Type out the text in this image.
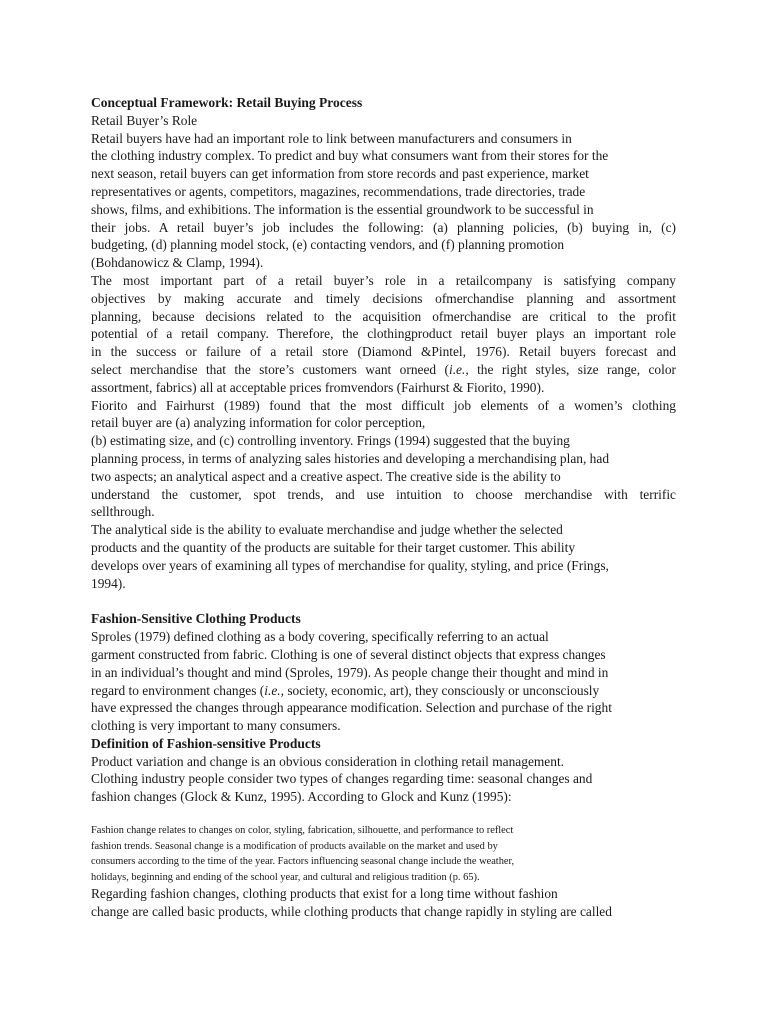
Conceptual Framework: Retail Buying Process

Retail Buyer’s Role

Retail buyers have had an important role to link between manufacturers and consumers in
the clothing industry complex. To predict and buy what consumers want from their stores for the
next season, retail buyers can get information from store records and past experience, market
representatives or agents, competitors, magazines, recommendations, trade directories, trade
shows, films, and exhibitions. The information is the essential groundwork to be successful in
their jobs. A retail buyer’s job includes the following: (a) planning policies, (b) buying in, (c)
budgeting, (d) planning model stock, (e) contacting vendors, and (f) planning promotion
(Bohdanowicz & Clamp, 1994).

The most important part of a retail buyer’s role in a retailcompany is satisfying company
objectives by making accurate and timely decisions ofmerchandise planning and assortment
planning, because decisions related to the acquisition ofmerchandise are critical to the profit
potential of a retail company. Therefore, the clothingproduct retail buyer plays an important role
in the success or failure of a retail store (Diamond &Pintel, 1976). Retail buyers forecast and
select merchandise that the store’s customers want orneed (i.e., the right styles, size range, color
assortment, fabrics) all at acceptable prices fromvendors (Fairhurst & Fiorito, 1990).

Fiorito and Fairhurst (1989) found that the most difficult job elements of a women’s clothing
retail buyer are (a) analyzing information for color perception,
(b) estimating size, and (c) controlling inventory. Frings (1994) suggested that the buying
planning process, in terms of analyzing sales histories and developing a merchandising plan, had
two aspects; an analytical aspect and a creative aspect. The creative side is the ability to
understand the customer, spot trends, and use intuition to choose merchandise with terrific
sellthrough.

The analytical side is the ability to evaluate merchandise and judge whether the selected
products and the quantity of the products are suitable for their target customer. This ability
develops over years of examining all types of merchandise for quality, styling, and price (Frings,
1994).

Fashion-Sensitive Clothing Products

Sproles (1979) defined clothing as a body covering, specifically referring to an actual
garment constructed from fabric. Clothing is one of several distinct objects that express changes
in an individual’s thought and mind (Sproles, 1979). As people change their thought and mind in
regard to environment changes (i.e., society, economic, art), they consciously or unconsciously
have expressed the changes through appearance modification. Selection and purchase of the right
clothing is very important to many consumers.

Definition of Fashion-sensitive Products

Product variation and change is an obvious consideration in clothing retail management.
Clothing industry people consider two types of changes regarding time: seasonal changes and
fashion changes (Glock & Kunz, 1995). According to Glock and Kunz (1995):

Fashion change relates to changes on color, styling, fabrication, silhouette, and performance to reflect
fashion trends. Seasonal change is a modification of products available on the market and used by
consumers according to the time of the year. Factors influencing seasonal change include the weather,
holidays, beginning and ending of the school year, and cultural and religious tradition (p. 65).

Regarding fashion changes, clothing products that exist for a long time without fashion
change are called basic products, while clothing products that change rapidly in styling are called
